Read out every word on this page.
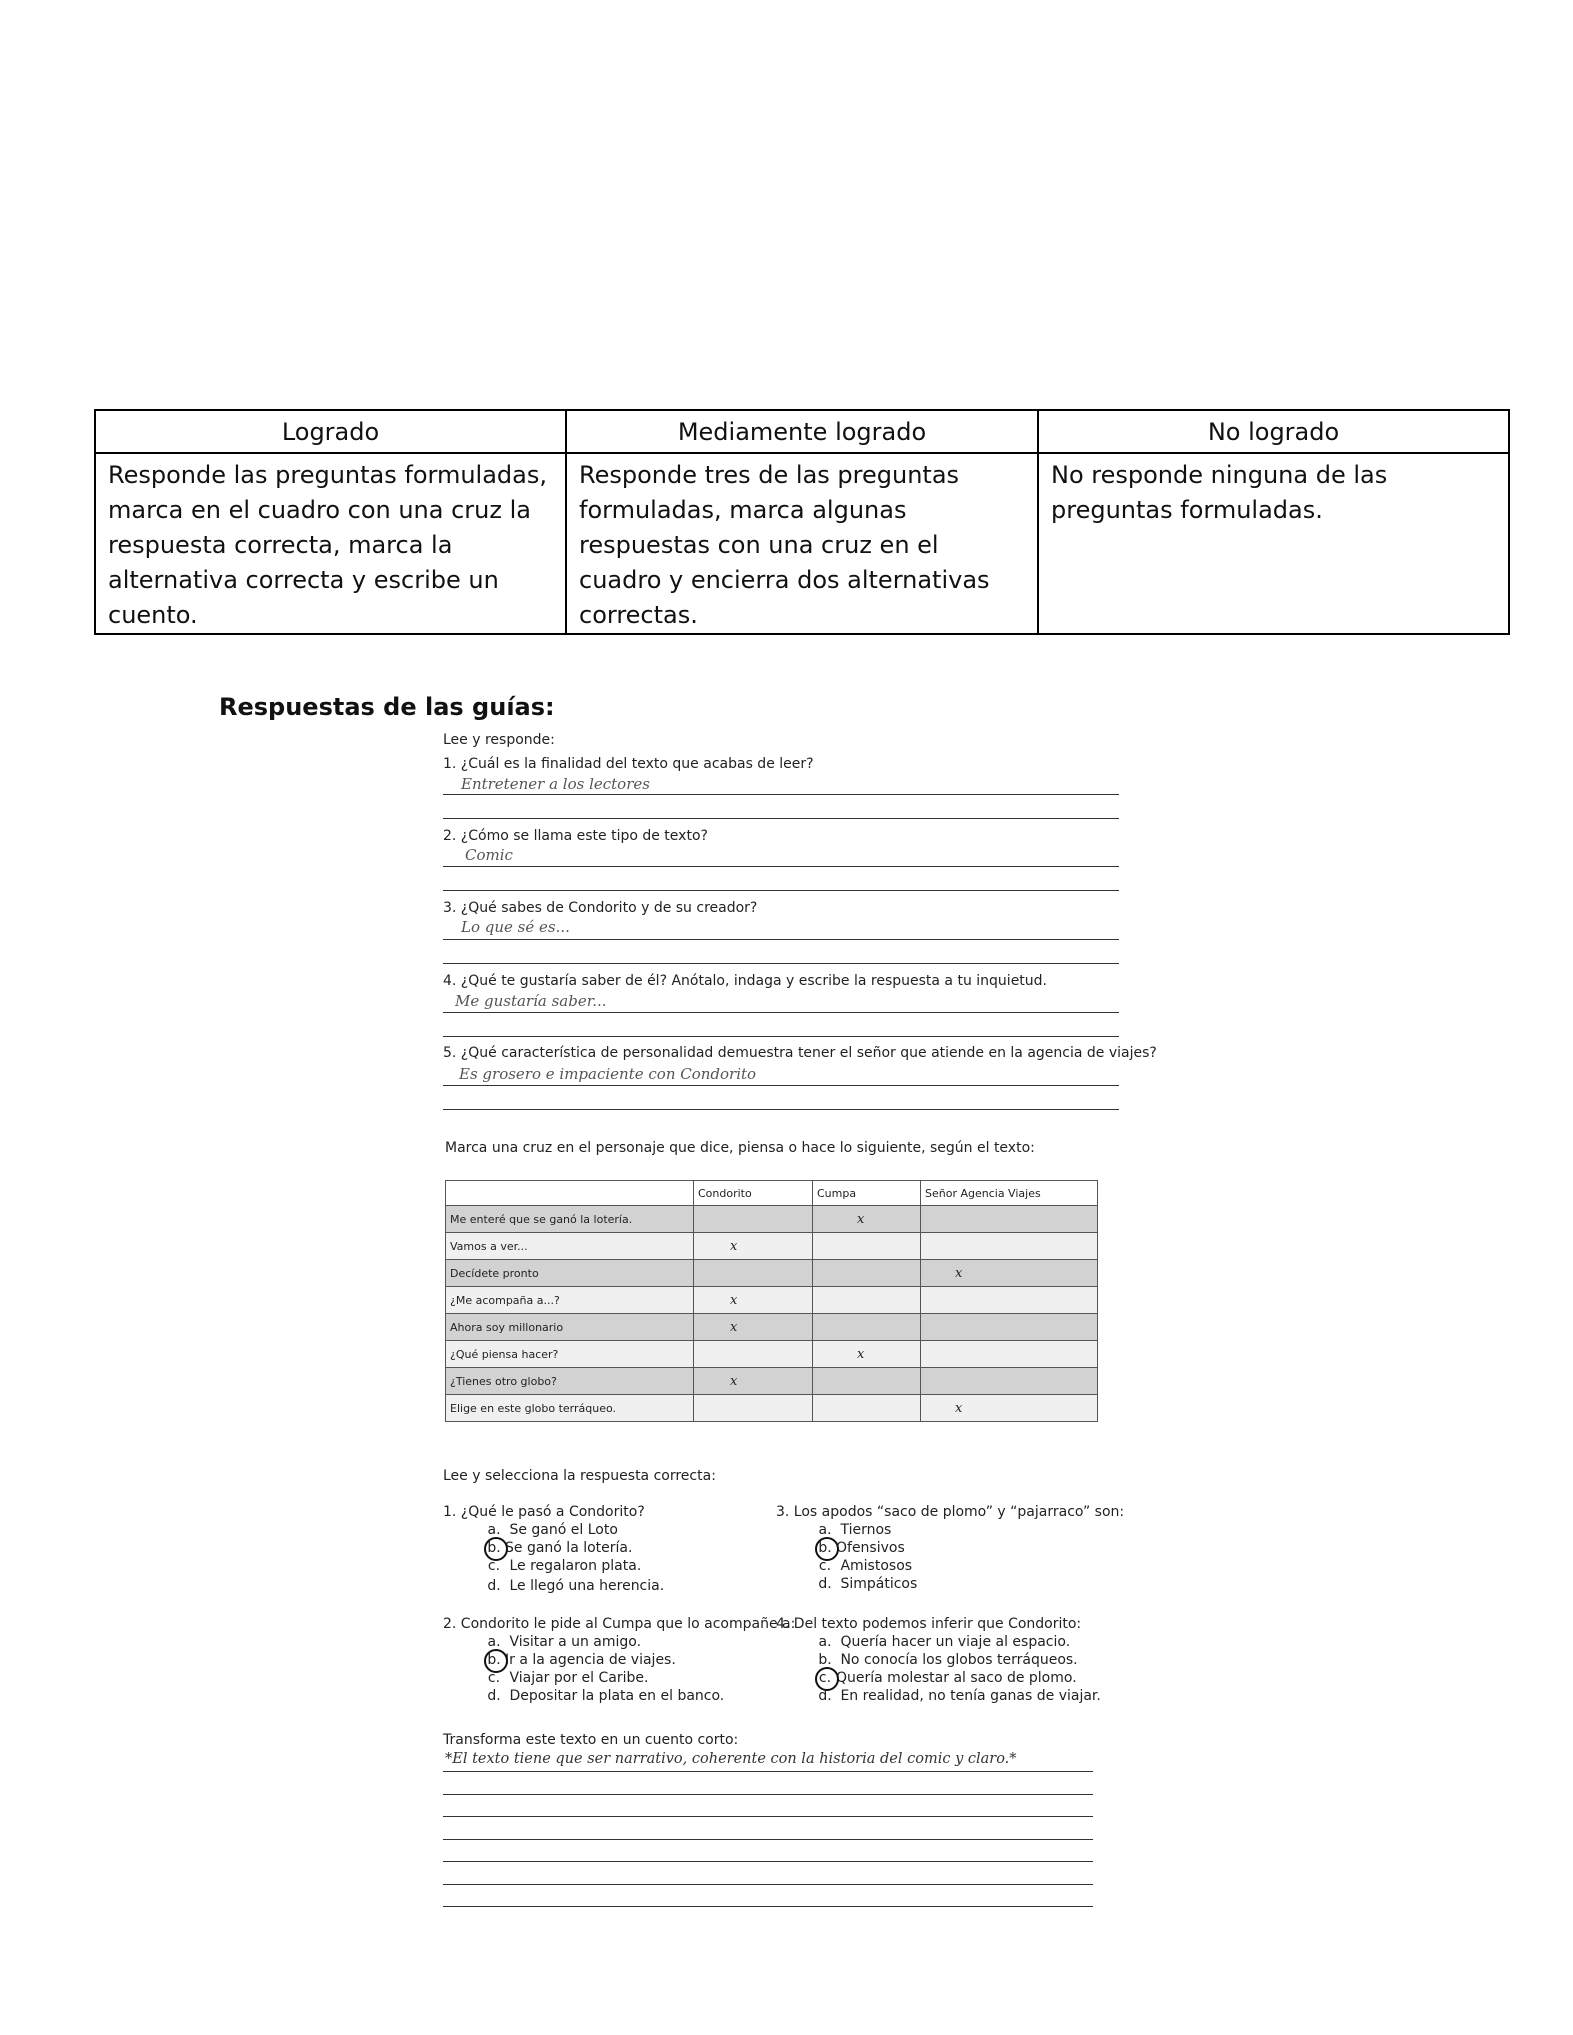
Logrado	Mediamente logrado	No logrado
Responde las preguntas formuladas, marca en el cuadro con una cruz la respuesta correcta, marca la alternativa correcta y escribe un cuento.	Responde tres de las preguntas formuladas, marca algunas respuestas con una cruz en el cuadro y encierra dos alternativas correctas.	No responde ninguna de las preguntas formuladas.
Respuestas de las guías:
Lee y responde:
1. ¿Cuál es la finalidad del texto que acabas de leer?
Entretener a los lectores
2. ¿Cómo se llama este tipo de texto?
Comic
3. ¿Qué sabes de Condorito y de su creador?
Lo que sé es...
4. ¿Qué te gustaría saber de él? Anótalo, indaga y escribe la respuesta a tu inquietud.
Me gustaría saber...
5. ¿Qué característica de personalidad demuestra tener el señor que atiende en la agencia de viajes?
Es grosero e impaciente con Condorito
Marca una cruz en el personaje que dice, piensa o hace lo siguiente, según el texto:
	Condorito	Cumpa	Señor Agencia Viajes
Me enteré que se ganó la lotería.		x	
Vamos a ver...	x		
Decídete pronto			x
¿Me acompaña a...?	x		
Ahora soy millonario	x		
¿Qué piensa hacer?		x	
¿Tienes otro globo?	x		
Elige en este globo terráqueo.			x
Lee y selecciona la respuesta correcta:
1. ¿Qué le pasó a Condorito?
a. Se ganó el Loto
b. Se ganó la lotería.
c. Le regalaron plata.
d. Le llegó una herencia.
3. Los apodos “saco de plomo” y “pajarraco” son:
a. Tiernos
b. Ofensivos
c. Amistosos
d. Simpáticos
2. Condorito le pide al Cumpa que lo acompañe a:
a. Visitar a un amigo.
b. Ir a la agencia de viajes.
c. Viajar por el Caribe.
d. Depositar la plata en el banco.
4. Del texto podemos inferir que Condorito:
a. Quería hacer un viaje al espacio.
b. No conocía los globos terráqueos.
c. Quería molestar al saco de plomo.
d. En realidad, no tenía ganas de viajar.
Transforma este texto en un cuento corto:
*El texto tiene que ser narrativo, coherente con la historia del comic y claro.*
